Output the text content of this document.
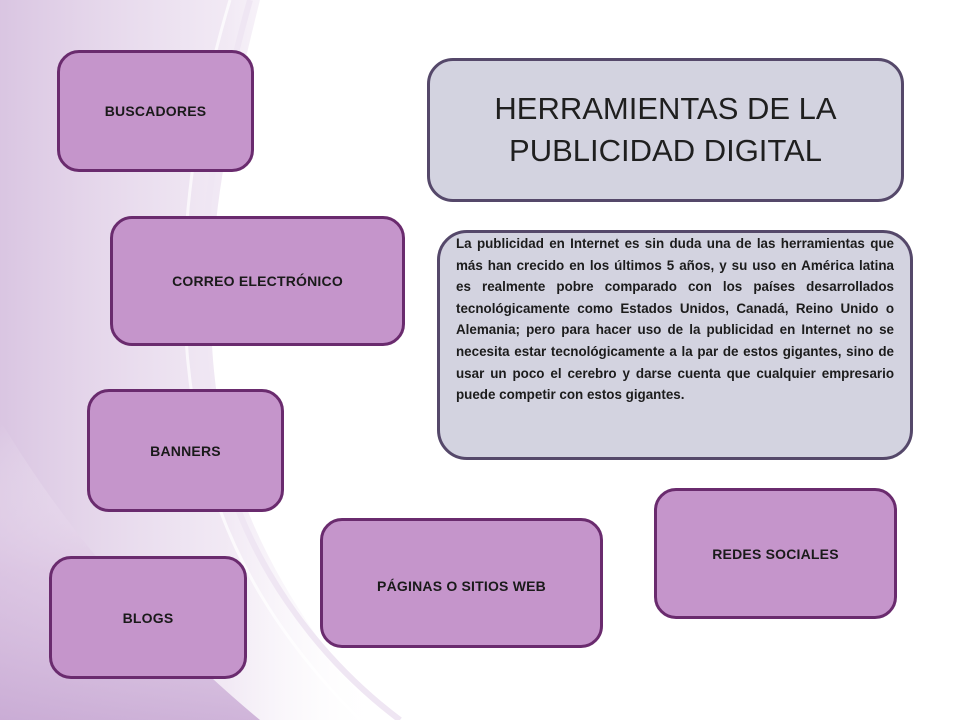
BUSCADORES	HERRAMIENTAS DE LA
PUBLICIDAD DIGITAL
CORREO ELECTRÓNICO

La publicidad en Internet es sin duda una de las herramientas que más han crecido en los últimos 5 años, y su uso en América latina es realmente pobre comparado con los países desarrollados tecnológicamente como Estados Unidos, Canadá, Reino Unido o Alemania; pero para hacer uso de la publicidad en Internet no se necesita estar tecnológicamente a la par de estos gigantes, sino de usar un poco el cerebro y darse cuenta que cualquier empresario puede competir con estos gigantes.

BANNERS
REDES SOCIALES
PÁGINAS O SITIOS WEB
BLOGS
